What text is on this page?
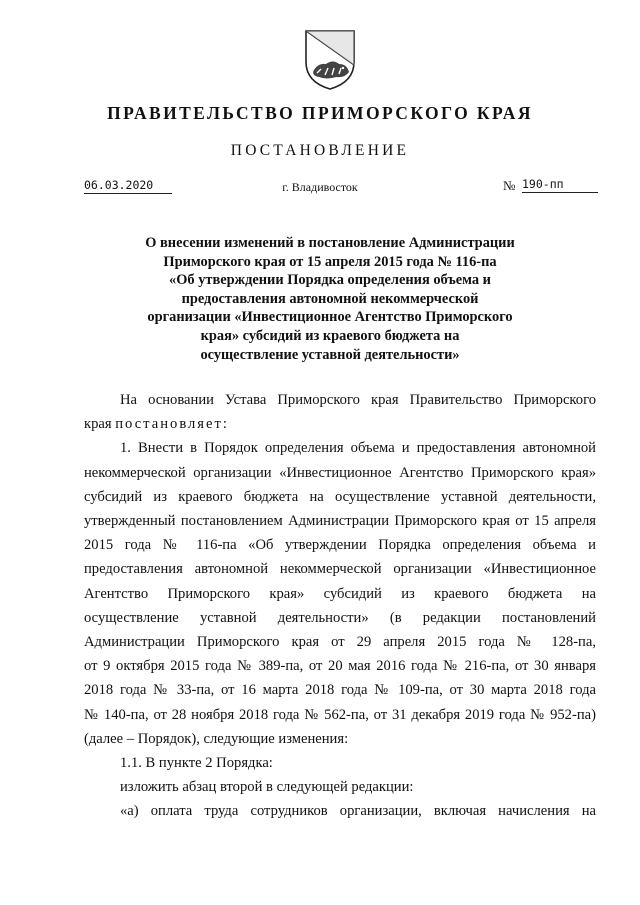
ПРАВИТЕЛЬСТВО ПРИМОРСКОГО КРАЯ
ПОСТАНОВЛЕНИЕ
06.03.2020	г. Владивосток	№ 190-пп
О внесении изменений в постановление Администрации
Приморского края от 15 апреля 2015 года № 116-па
«Об утверждении Порядка определения объема и
предоставления автономной некоммерческой
организации «Инвестиционное Агентство Приморского
края» субсидий из краевого бюджета на
осуществление уставной деятельности»
На основании Устава Приморского края Правительство Приморского
края постановляет:
1. Внести в Порядок определения объема и предоставления автономной
некоммерческой организации «Инвестиционное Агентство Приморского края»
субсидий из краевого бюджета на осуществление уставной деятельности,
утвержденный постановлением Администрации Приморского края от 15 апреля
2015 года № 116-па «Об утверждении Порядка определения объема и
предоставления автономной некоммерческой организации «Инвестиционное
Агентство Приморского края» субсидий из краевого бюджета на
осуществление уставной деятельности» (в редакции постановлений
Администрации Приморского края от 29 апреля 2015 года № 128-па,
от 9 октября 2015 года № 389-па, от 20 мая 2016 года № 216-па, от 30 января
2018 года № 33-па, от 16 марта 2018 года № 109-па, от 30 марта 2018 года
№ 140-па, от 28 ноября 2018 года № 562-па, от 31 декабря 2019 года № 952-па)
(далее – Порядок), следующие изменения:
1.1. В пункте 2 Порядка:
изложить абзац второй в следующей редакции:
«а) оплата труда сотрудников организации, включая начисления на
